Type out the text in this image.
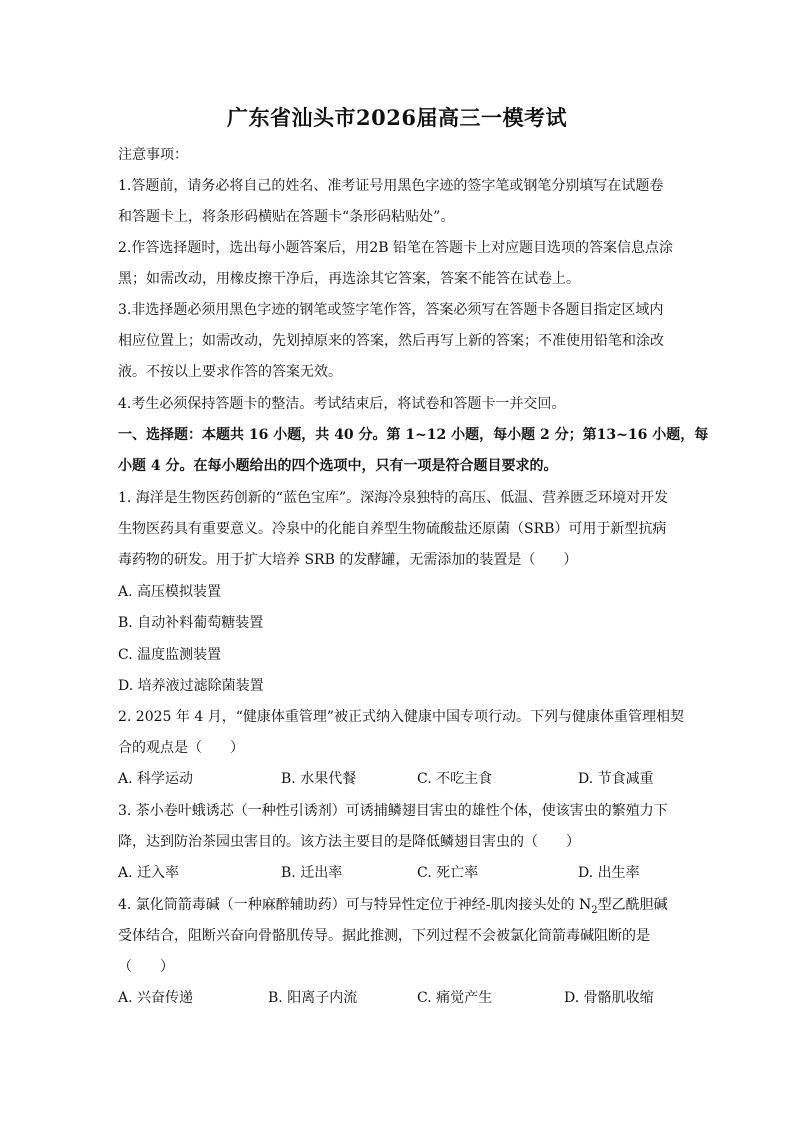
广东省汕头市2026届高三一模考试
注意事项：
1.答题前，请务必将自己的姓名、准考证号用黑色字迹的签字笔或钢笔分别填写在试题卷
和答题卡上，将条形码横贴在答题卡“条形码粘贴处”。
2.作答选择题时，选出每小题答案后，用2B 铅笔在答题卡上对应题目选项的答案信息点涂
黑；如需改动，用橡皮擦干净后，再选涂其它答案，答案不能答在试卷上。
3.非选择题必须用黑色字迹的钢笔或签字笔作答，答案必须写在答题卡各题目指定区域内
相应位置上；如需改动，先划掉原来的答案，然后再写上新的答案；不准使用铅笔和涂改
液。不按以上要求作答的答案无效。
4.考生必须保持答题卡的整洁。考试结束后，将试卷和答题卡一并交回。
一、选择题：本题共 16 小题，共 40 分。第 1~12 小题，每小题 2 分；第13~16 小题，每
小题 4 分。在每小题给出的四个选项中，只有一项是符合题目要求的。
1. 海洋是生物医药创新的“蓝色宝库”。深海冷泉独特的高压、低温、营养匮乏环境对开发
生物医药具有重要意义。冷泉中的化能自养型生物硫酸盐还原菌（SRB）可用于新型抗病
毒药物的研发。用于扩大培养 SRB 的发酵罐，无需添加的装置是（　　）
A. 高压模拟装置
B. 自动补料葡萄糖装置
C. 温度监测装置
D. 培养液过滤除菌装置
2. 2025 年 4 月，“健康体重管理”被正式纳入健康中国专项行动。下列与健康体重管理相契
合的观点是（　　）
A. 科学运动	B. 水果代餐	C. 不吃主食	D. 节食减重
3. 茶小卷叶蛾诱芯（一种性引诱剂）可诱捕鳞翅目害虫的雄性个体，使该害虫的繁殖力下
降，达到防治茶园虫害目的。该方法主要目的是降低鳞翅目害虫的（　　）
A. 迁入率	B. 迁出率	C. 死亡率	D. 出生率
4. 氯化筒箭毒碱（一种麻醉辅助药）可与特异性定位于神经-肌肉接头处的 $N_2$型乙酰胆碱
受体结合，阻断兴奋向骨骼肌传导。据此推测，下列过程不会被氯化筒箭毒碱阻断的是
（　　）
A. 兴奋传递	B. 阳离子内流	C. 痛觉产生	D. 骨骼肌收缩
